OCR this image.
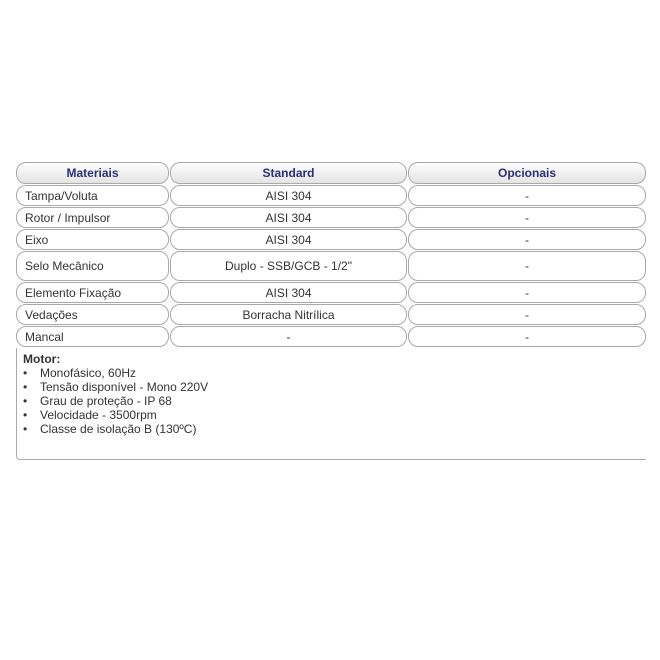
Materiais	Standard	Opcionais
Tampa/Voluta	AISI 304	-
Rotor / Impulsor	AISI 304	-
Eixo	AISI 304	-
Selo Mecânico	Duplo - SSB/GCB - 1/2"	-
Elemento Fixação	AISI 304	-
Vedações	Borracha Nitrílica	-
Mancal	-	-
Motor:
•	Monofásico, 60Hz
•	Tensão disponível - Mono 220V
•	Grau de proteção - IP 68
•	Velocidade - 3500rpm
•	Classe de isolação B (130ºC)
